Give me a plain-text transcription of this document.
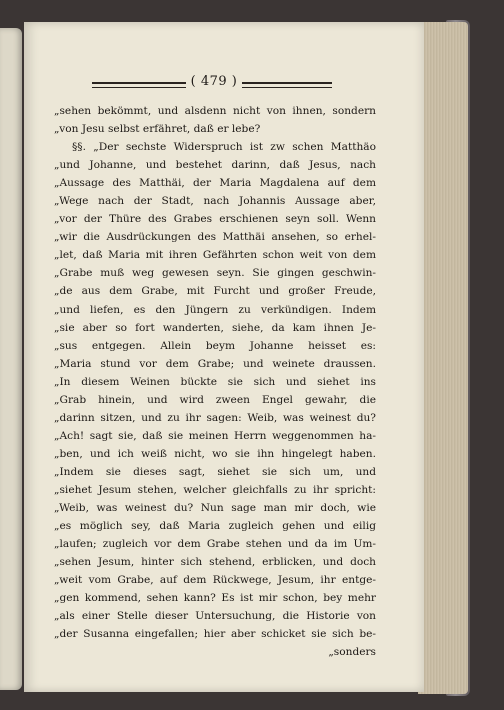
( 479 )
„sehen bekömmt, und alsdenn nicht von ihnen, sondern
„von Jesu selbst erfähret, daß er lebe?
§§. „Der sechste Widerspruch ist zw schen Matthäo
„und Johanne, und bestehet darinn, daß Jesus, nach
„Aussage des Matthäi, der Maria Magdalena auf dem
„Wege nach der Stadt, nach Johannis Aussage aber,
„vor der Thüre des Grabes erschienen seyn soll. Wenn
„wir die Ausdrückungen des Matthäi ansehen, so erhel-
„let, daß Maria mit ihren Gefährten schon weit von dem
„Grabe muß weg gewesen seyn. Sie gingen geschwin-
„de aus dem Grabe, mit Furcht und großer Freude,
„und liefen, es den Jüngern zu verkündigen. Indem
„sie aber so fort wanderten, siehe, da kam ihnen Je-
„sus entgegen. Allein beym Johanne heisset es:
„Maria stund vor dem Grabe; und weinete draussen.
„In diesem Weinen bückte sie sich und siehet ins
„Grab hinein, und wird zween Engel gewahr, die
„darinn sitzen, und zu ihr sagen: Weib, was weinest du?
„Ach! sagt sie, daß sie meinen Herrn weggenommen ha-
„ben, und ich weiß nicht, wo sie ihn hingelegt haben.
„Indem sie dieses sagt, siehet sie sich um, und
„siehet Jesum stehen, welcher gleichfalls zu ihr spricht:
„Weib, was weinest du? Nun sage man mir doch, wie
„es möglich sey, daß Maria zugleich gehen und eilig
„laufen; zugleich vor dem Grabe stehen und da im Um-
„sehen Jesum, hinter sich stehend, erblicken, und doch
„weit vom Grabe, auf dem Rückwege, Jesum, ihr entge-
„gen kommend, sehen kann? Es ist mir schon, bey mehr
„als einer Stelle dieser Untersuchung, die Historie von
„der Susanna eingefallen; hier aber schicket sie sich be-
„sonders
